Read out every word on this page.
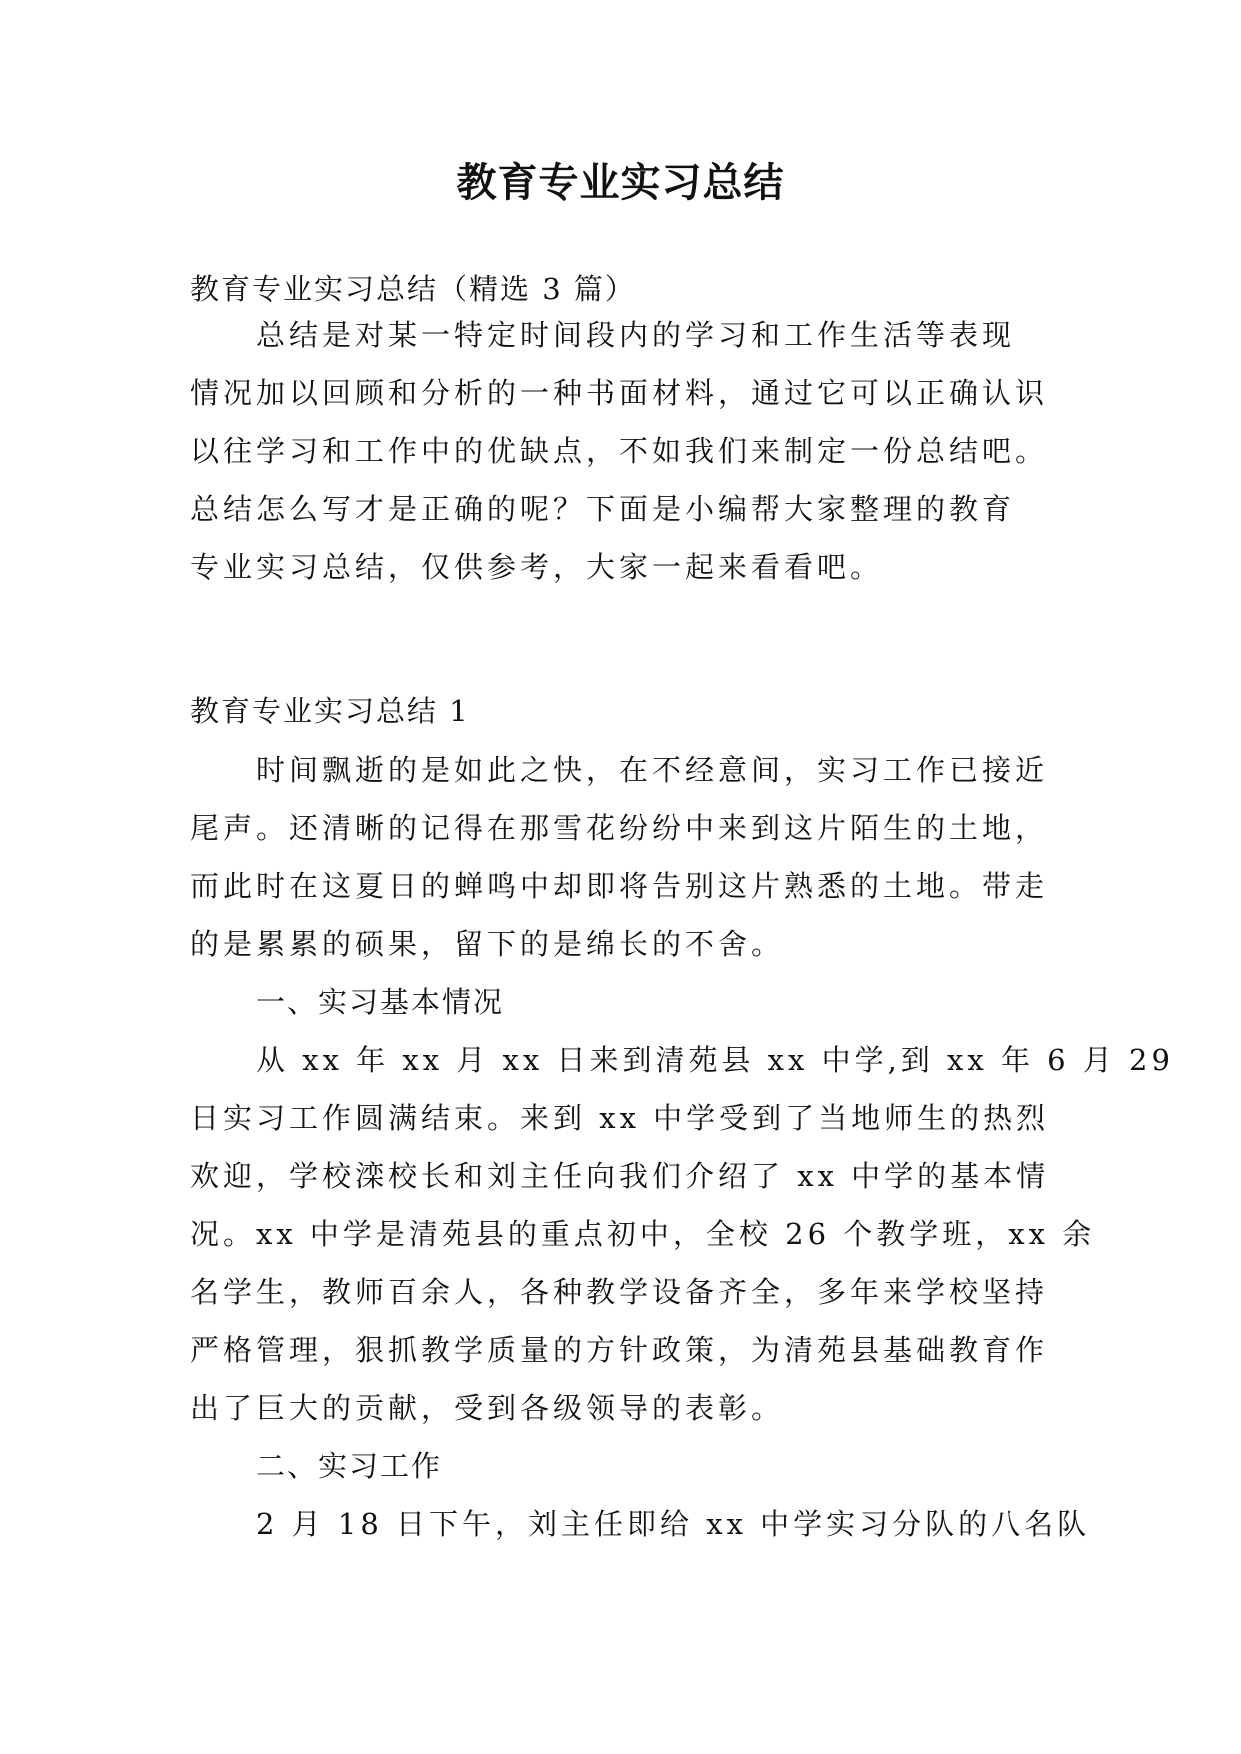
教育专业实习总结
教育专业实习总结（精选 3 篇）
总结是对某一特定时间段内的学习和工作生活等表现
情况加以回顾和分析的一种书面材料，通过它可以正确认识
以往学习和工作中的优缺点，不如我们来制定一份总结吧。
总结怎么写才是正确的呢？下面是小编帮大家整理的教育
专业实习总结，仅供参考，大家一起来看看吧。
教育专业实习总结 1
时间飘逝的是如此之快，在不经意间，实习工作已接近
尾声。还清晰的记得在那雪花纷纷中来到这片陌生的土地，
而此时在这夏日的蝉鸣中却即将告别这片熟悉的土地。带走
的是累累的硕果，留下的是绵长的不舍。
一、实习基本情况
从 xx 年 xx 月 xx 日来到清苑县 xx 中学,到 xx 年 6 月 29
日实习工作圆满结束。来到 xx 中学受到了当地师生的热烈
欢迎，学校滦校长和刘主任向我们介绍了 xx 中学的基本情
况。xx 中学是清苑县的重点初中，全校 26 个教学班，xx 余
名学生，教师百余人，各种教学设备齐全，多年来学校坚持
严格管理，狠抓教学质量的方针政策，为清苑县基础教育作
出了巨大的贡献，受到各级领导的表彰。
二、实习工作
2 月 18 日下午，刘主任即给 xx 中学实习分队的八名队
